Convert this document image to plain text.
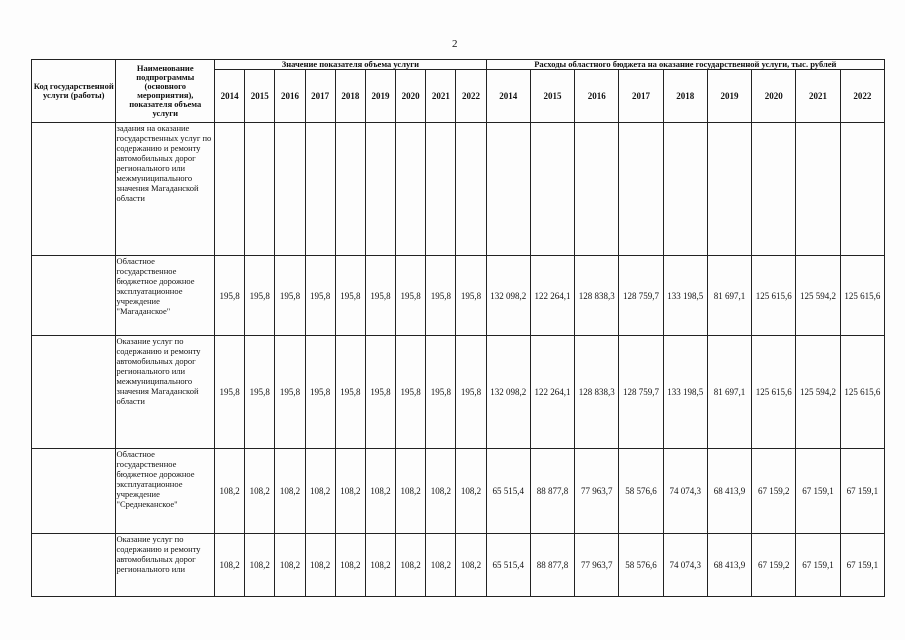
2
Код государственной услуги (работы)	Наименование подпрограммы (основного мероприятия), показателя объема услуги	Значение показателя объема услуги									Расходы областного бюджета на оказание государственной услуги, тыс. рублей								
		2014	2015	2016	2017	2018	2019	2020	2021	2022	2014	2015	2016	2017	2018	2019	2020	2021	2022
	задания на оказание государственных услуг по содержанию и ремонту автомобильных дорог регионального или межмуниципального значения Магаданской области																		
	Областное государственное бюджетное дорожное эксплуатационное учреждение "Магаданское"	195,8	195,8	195,8	195,8	195,8	195,8	195,8	195,8	195,8	132 098,2	122 264,1	128 838,3	128 759,7	133 198,5	81 697,1	125 615,6	125 594,2	125 615,6
	Оказание услуг по содержанию и ремонту автомобильных дорог регионального или межмуниципального значения Магаданской области	195,8	195,8	195,8	195,8	195,8	195,8	195,8	195,8	195,8	132 098,2	122 264,1	128 838,3	128 759,7	133 198,5	81 697,1	125 615,6	125 594,2	125 615,6
	Областное государственное бюджетное дорожное эксплуатационное учреждение "Среднеканское"	108,2	108,2	108,2	108,2	108,2	108,2	108,2	108,2	108,2	65 515,4	88 877,8	77 963,7	58 576,6	74 074,3	68 413,9	67 159,2	67 159,1	67 159,1
	Оказание услуг по содержанию и ремонту автомобильных дорог регионального или	108,2	108,2	108,2	108,2	108,2	108,2	108,2	108,2	108,2	65 515,4	88 877,8	77 963,7	58 576,6	74 074,3	68 413,9	67 159,2	67 159,1	67 159,1
